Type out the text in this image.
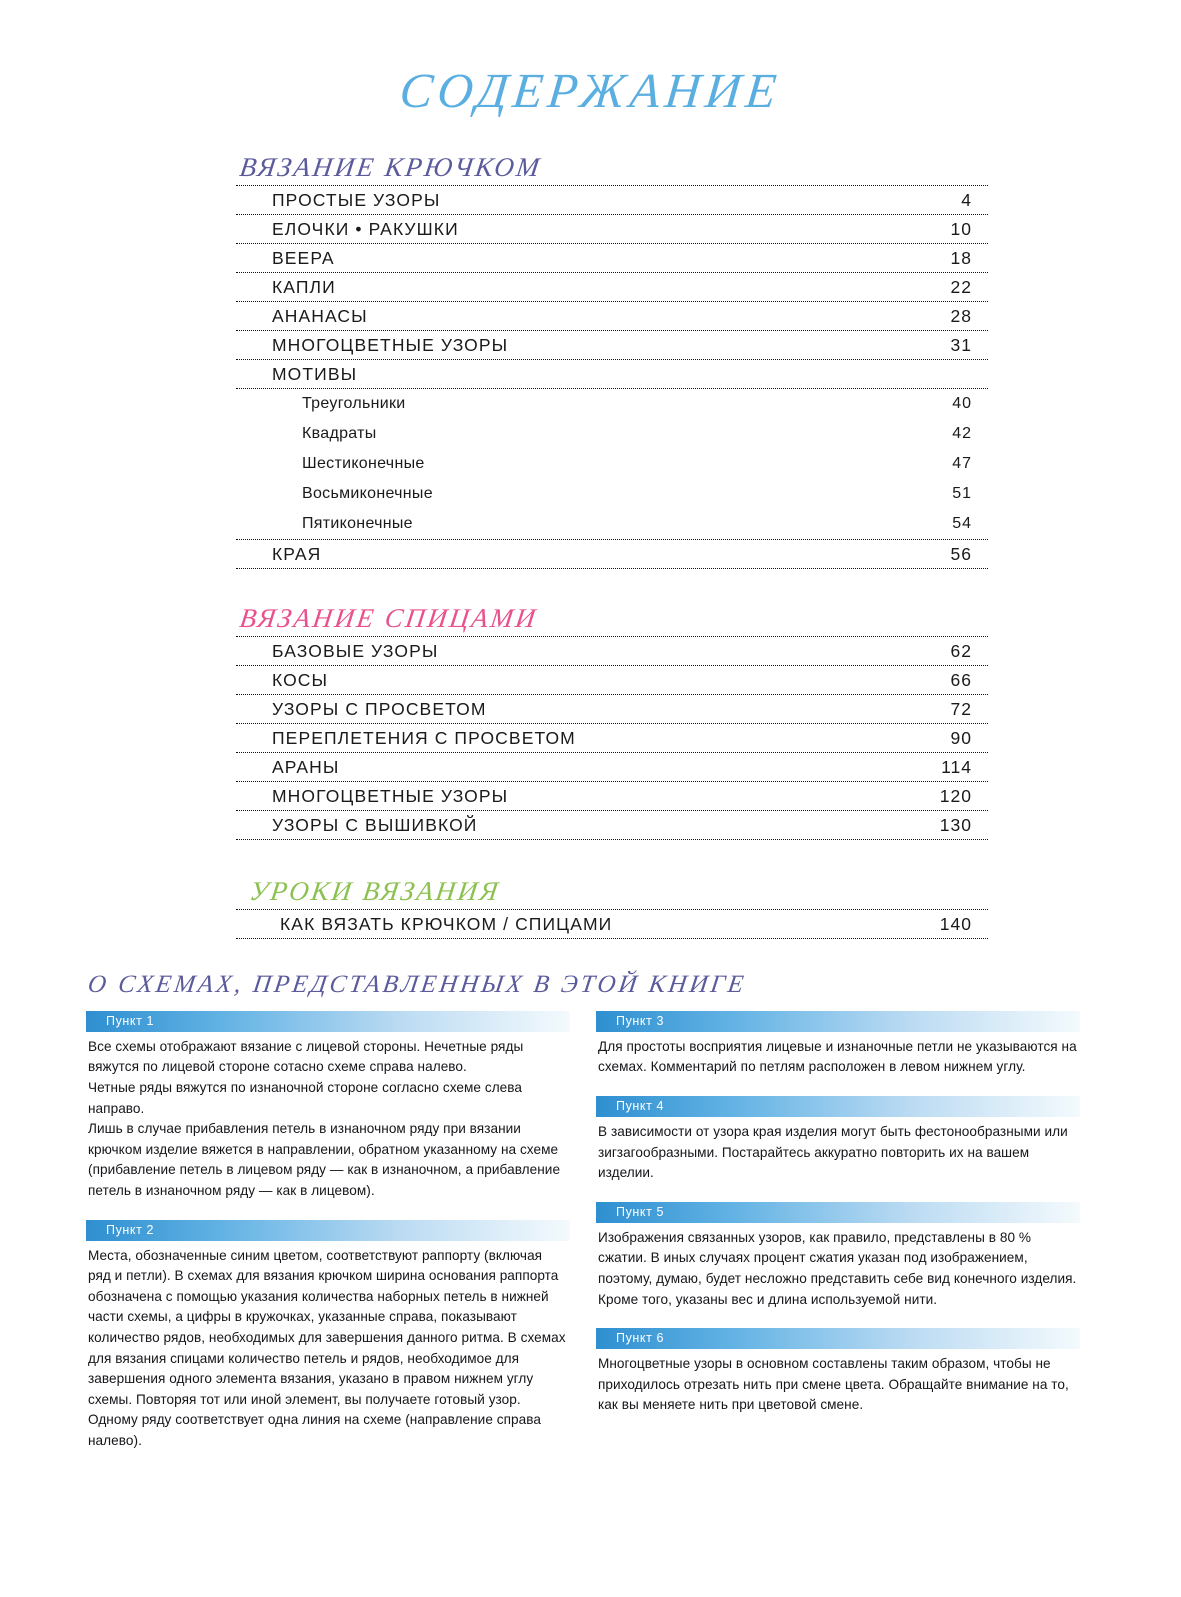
СОДЕРЖАНИЕ
ВЯЗАНИЕ КРЮЧКОМ
ПРОСТЫЕ УЗОРЫ	4
ЕЛОЧКИ • РАКУШКИ	10
ВЕЕРА	18
КАПЛИ	22
АНАНАСЫ	28
МНОГОЦВЕТНЫЕ УЗОРЫ	31
МОТИВЫ
Треугольники	40
Квадраты	42
Шестиконечные	47
Восьмиконечные	51
Пятиконечные	54
КРАЯ	56
ВЯЗАНИЕ СПИЦАМИ
БАЗОВЫЕ УЗОРЫ	62
КОСЫ	66
УЗОРЫ С ПРОСВЕТОМ	72
ПЕРЕПЛЕТЕНИЯ С ПРОСВЕТОМ	90
АРАНЫ	114
МНОГОЦВЕТНЫЕ УЗОРЫ	120
УЗОРЫ С ВЫШИВКОЙ	130
УРОКИ ВЯЗАНИЯ
КАК ВЯЗАТЬ КРЮЧКОМ / СПИЦАМИ	140
О СХЕМАХ, ПРЕДСТАВЛЕННЫХ В ЭТОЙ КНИГЕ
Пункт 1

Все схемы отображают вязание с лицевой стороны. Нечетные ряды вяжутся по лицевой стороне сотасно схеме справа налево.

Четные ряды вяжутся по изнаночной стороне согласно схеме слева направо.

Лишь в случае прибавления петель в изнаночном ряду при вязании крючком изделие вяжется в направлении, обратном указанному на схеме (прибавление петель в лицевом ряду — как в изнаночном, а прибавление петель в изнаночном ряду — как в лицевом).

Пункт 2

Места, обозначенные синим цветом, соответствуют раппорту (включая ряд и петли). В схемах для вязания крючком ширина основания раппорта обозначена с помощью указания количества наборных петель в нижней части схемы, а цифры в кружочках, указанные справа, показывают количество рядов, необходимых для завершения данного ритма. В схемах для вязания спицами количество петель и рядов, необходимое для завершения одного элемента вязания, указано в правом нижнем углу схемы. Повторяя тот или иной элемент, вы получаете готовый узор. Одному ряду соответствует одна линия на схеме (направление справа налево).

Пункт 3

Для простоты восприятия лицевые и изнаночные петли не указываются на схемах. Комментарий по петлям расположен в левом нижнем углу.

Пункт 4

В зависимости от узора края изделия могут быть фестонообразными или зигзагообразными. Постарайтесь аккуратно повторить их на вашем изделии.

Пункт 5

Изображения связанных узоров, как правило, представлены в 80 % сжатии. В иных случаях процент сжатия указан под изображением, поэтому, думаю, будет несложно представить себе вид конечного изделия. Кроме того, указаны вес и длина используемой нити.

Пункт 6

Многоцветные узоры в основном составлены таким образом, чтобы не приходилось отрезать нить при смене цвета. Обращайте внимание на то, как вы меняете нить при цветовой смене.
